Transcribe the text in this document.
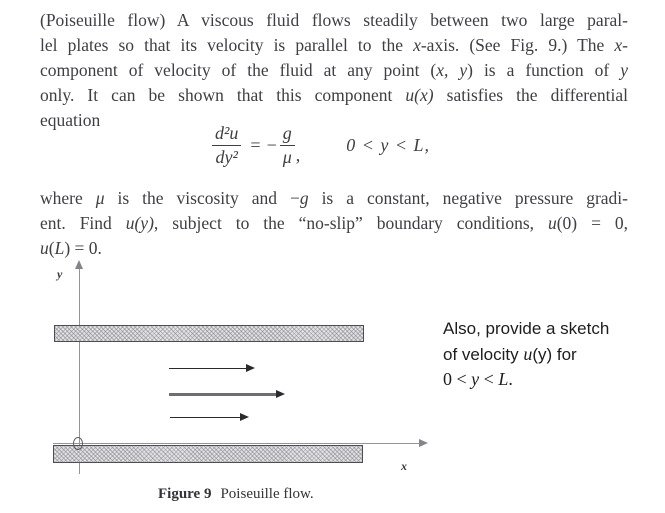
(Poiseuille flow) A viscous fluid flows steadily between two large paral-
lel plates so that its velocity is parallel to the x-axis. (See Fig. 9.) The x-
component of velocity of the fluid at any point (x, y) is a function of y
only. It can be shown that this component u(x) satisfies the differential
equation
$\frac{\text{d²u}}{\text{dy²}}$ = − $\frac{g}{\mu}$ ,
0 < y < L,
where μ is the viscosity and −g is a constant, negative pressure gradi-
ent. Find u(y), subject to the “no-slip” boundary conditions, u(0) = 0,
u(L) = 0.
y
x
Figure 9 Poiseuille flow.
Also, provide a sketch
of velocity u(y) for
0 < y < L.
